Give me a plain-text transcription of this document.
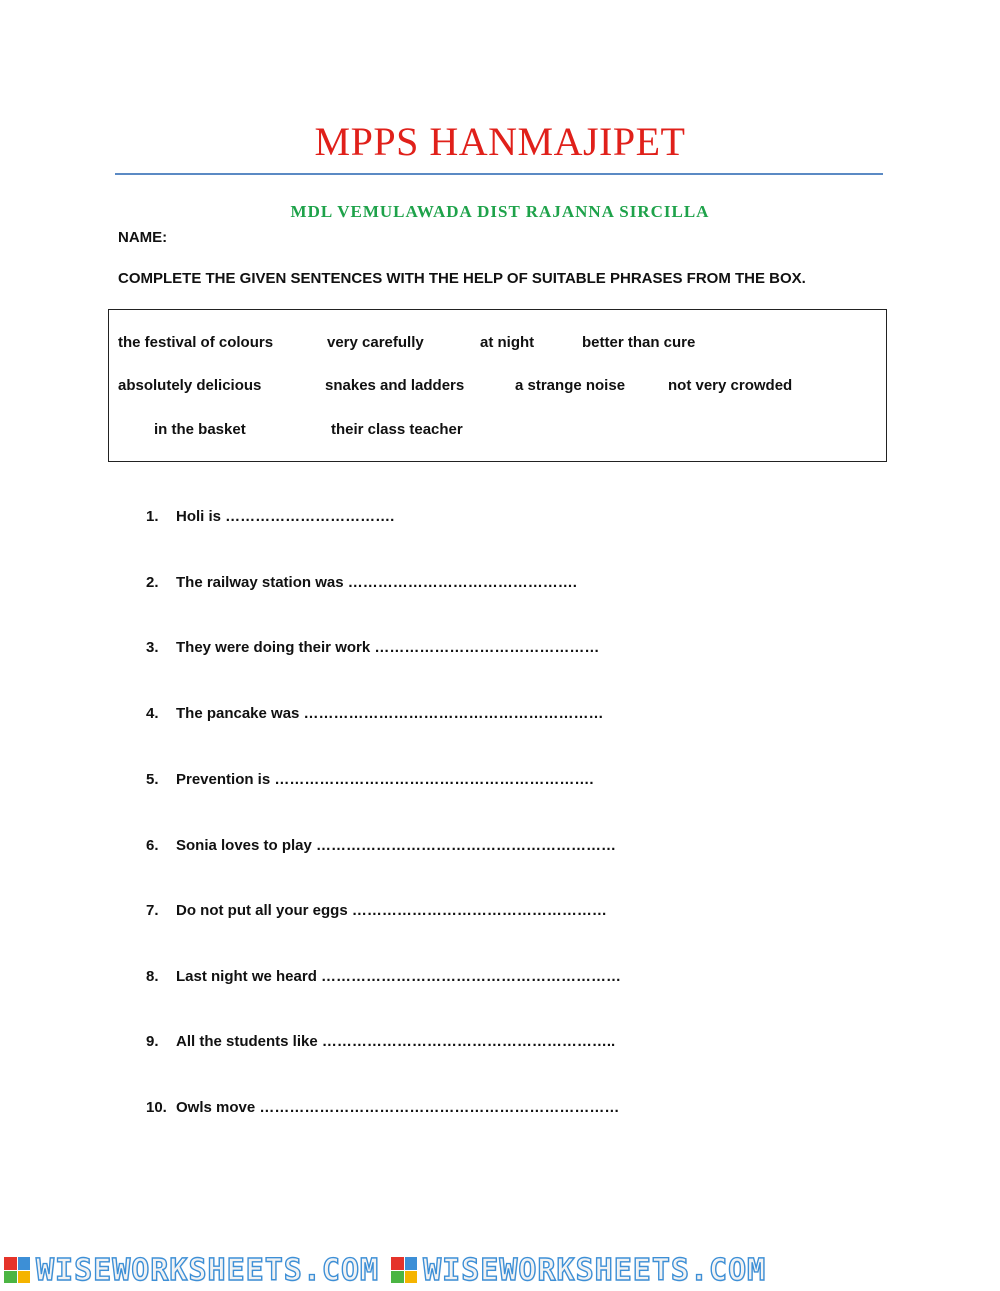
MPPS HANMAJIPET
MDL VEMULAWADA DIST RAJANNA SIRCILLA
NAME:
COMPLETE THE GIVEN SENTENCES WITH THE HELP OF SUITABLE PHRASES FROM THE BOX.
the festival of colours	very carefully	at night	better than cure
absolutely delicious	snakes and ladders	a strange noise	not very crowded
in the basket	their class teacher
1. Holi is …………………………….
2. The railway station was ……………………………………….
3. They were doing their work ………………………………………
4. The pancake was ……………………………………………………
5. Prevention is ……………………………………………………….
6. Sonia loves to play ……………………………………………………
7. Do not put all your eggs ……………………………………………
8. Last night we heard ……………………………………………………
9. All the students like …………………………………………………..
10. Owls move ………………………………………………………………
WISEWORKSHEETS.COM WISEWORKSHEETS.COM
